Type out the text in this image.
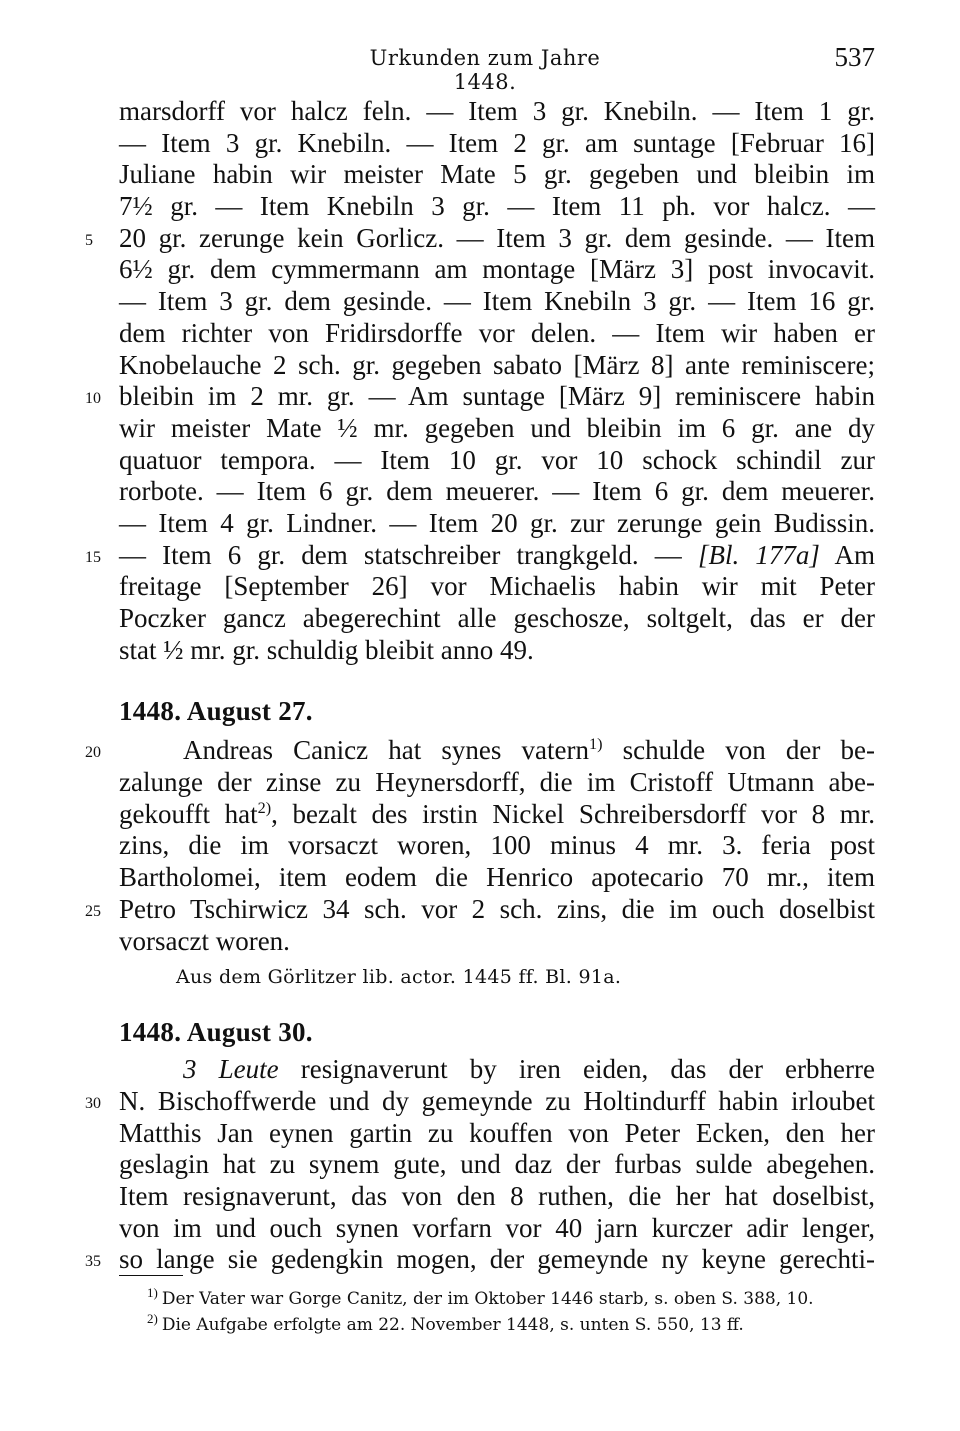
Urkunden zum Jahre 1448.
537
marsdorff vor halcz feln. — Item 3 gr. Knebiln. — Item 1 gr.
— Item 3 gr. Knebiln. — Item 2 gr. am suntage [Februar 16]
Juliane habin wir meister Mate 5 gr. gegeben und bleibin im
7½ gr. — Item Knebiln 3 gr. — Item 11 ph. vor halcz. —
5 20 gr. zerunge kein Gorlicz. — Item 3 gr. dem gesinde. — Item
6½ gr. dem cymmermann am montage [März 3] post invocavit.
— Item 3 gr. dem gesinde. — Item Knebiln 3 gr. — Item 16 gr.
dem richter von Fridirsdorffe vor delen. — Item wir haben er
Knobelauche 2 sch. gr. gegeben sabato [März 8] ante reminiscere;
10 bleibin im 2 mr. gr. — Am suntage [März 9] reminiscere habin
wir meister Mate ½ mr. gegeben und bleibin im 6 gr. ane dy
quatuor tempora. — Item 10 gr. vor 10 schock schindil zur
rorbote. — Item 6 gr. dem meuerer. — Item 6 gr. dem meuerer.
— Item 4 gr. Lindner. — Item 20 gr. zur zerunge gein Budissin.
15 — Item 6 gr. dem statschreiber trangkgeld. — [Bl. 177a] Am
freitage [September 26] vor Michaelis habin wir mit Peter
Poczker gancz abegerechint alle geschosze, soltgelt, das er der
stat ½ mr. gr. schuldig bleibit anno 49.
1448. August 27.
20	Andreas Canicz hat synes vatern$^{1)}$ schulde von der be-
zalunge der zinse zu Heynersdorff, die im Cristoff Utmann abe-
gekoufft hat$^{2)}$, bezalt des irstin Nickel Schreibersdorff vor 8 mr.
zins, die im vorsaczt woren, 100 minus 4 mr. 3. feria post
Bartholomei, item eodem die Henrico apotecario 70 mr., item
25 Petro Tschirwicz 34 sch. vor 2 sch. zins, die im ouch doselbist
vorsaczt woren.
Aus dem Görlitzer lib. actor. 1445 ff. Bl. 91a.
1448. August 30.
3 Leute resignaverunt by iren eiden, das der erbherre
30 N. Bischoffwerde und dy gemeynde zu Holtindurff habin irloubet
Matthis Jan eynen gartin zu kouffen von Peter Ecken, den her
geslagin hat zu synem gute, und daz der furbas sulde abegehen.
Item resignaverunt, das von den 8 ruthen, die her hat doselbist,
von im und ouch synen vorfarn vor 40 jarn kurczer adir lenger,
35 so lange sie gedengkin mogen, der gemeynde ny keyne gerechti-
$^{1)}$ Der Vater war Gorge Canitz, der im Oktober 1446 starb, s. oben S. 388, 10.
$^{2)}$ Die Aufgabe erfolgte am 22. November 1448, s. unten S. 550, 13 ff.
